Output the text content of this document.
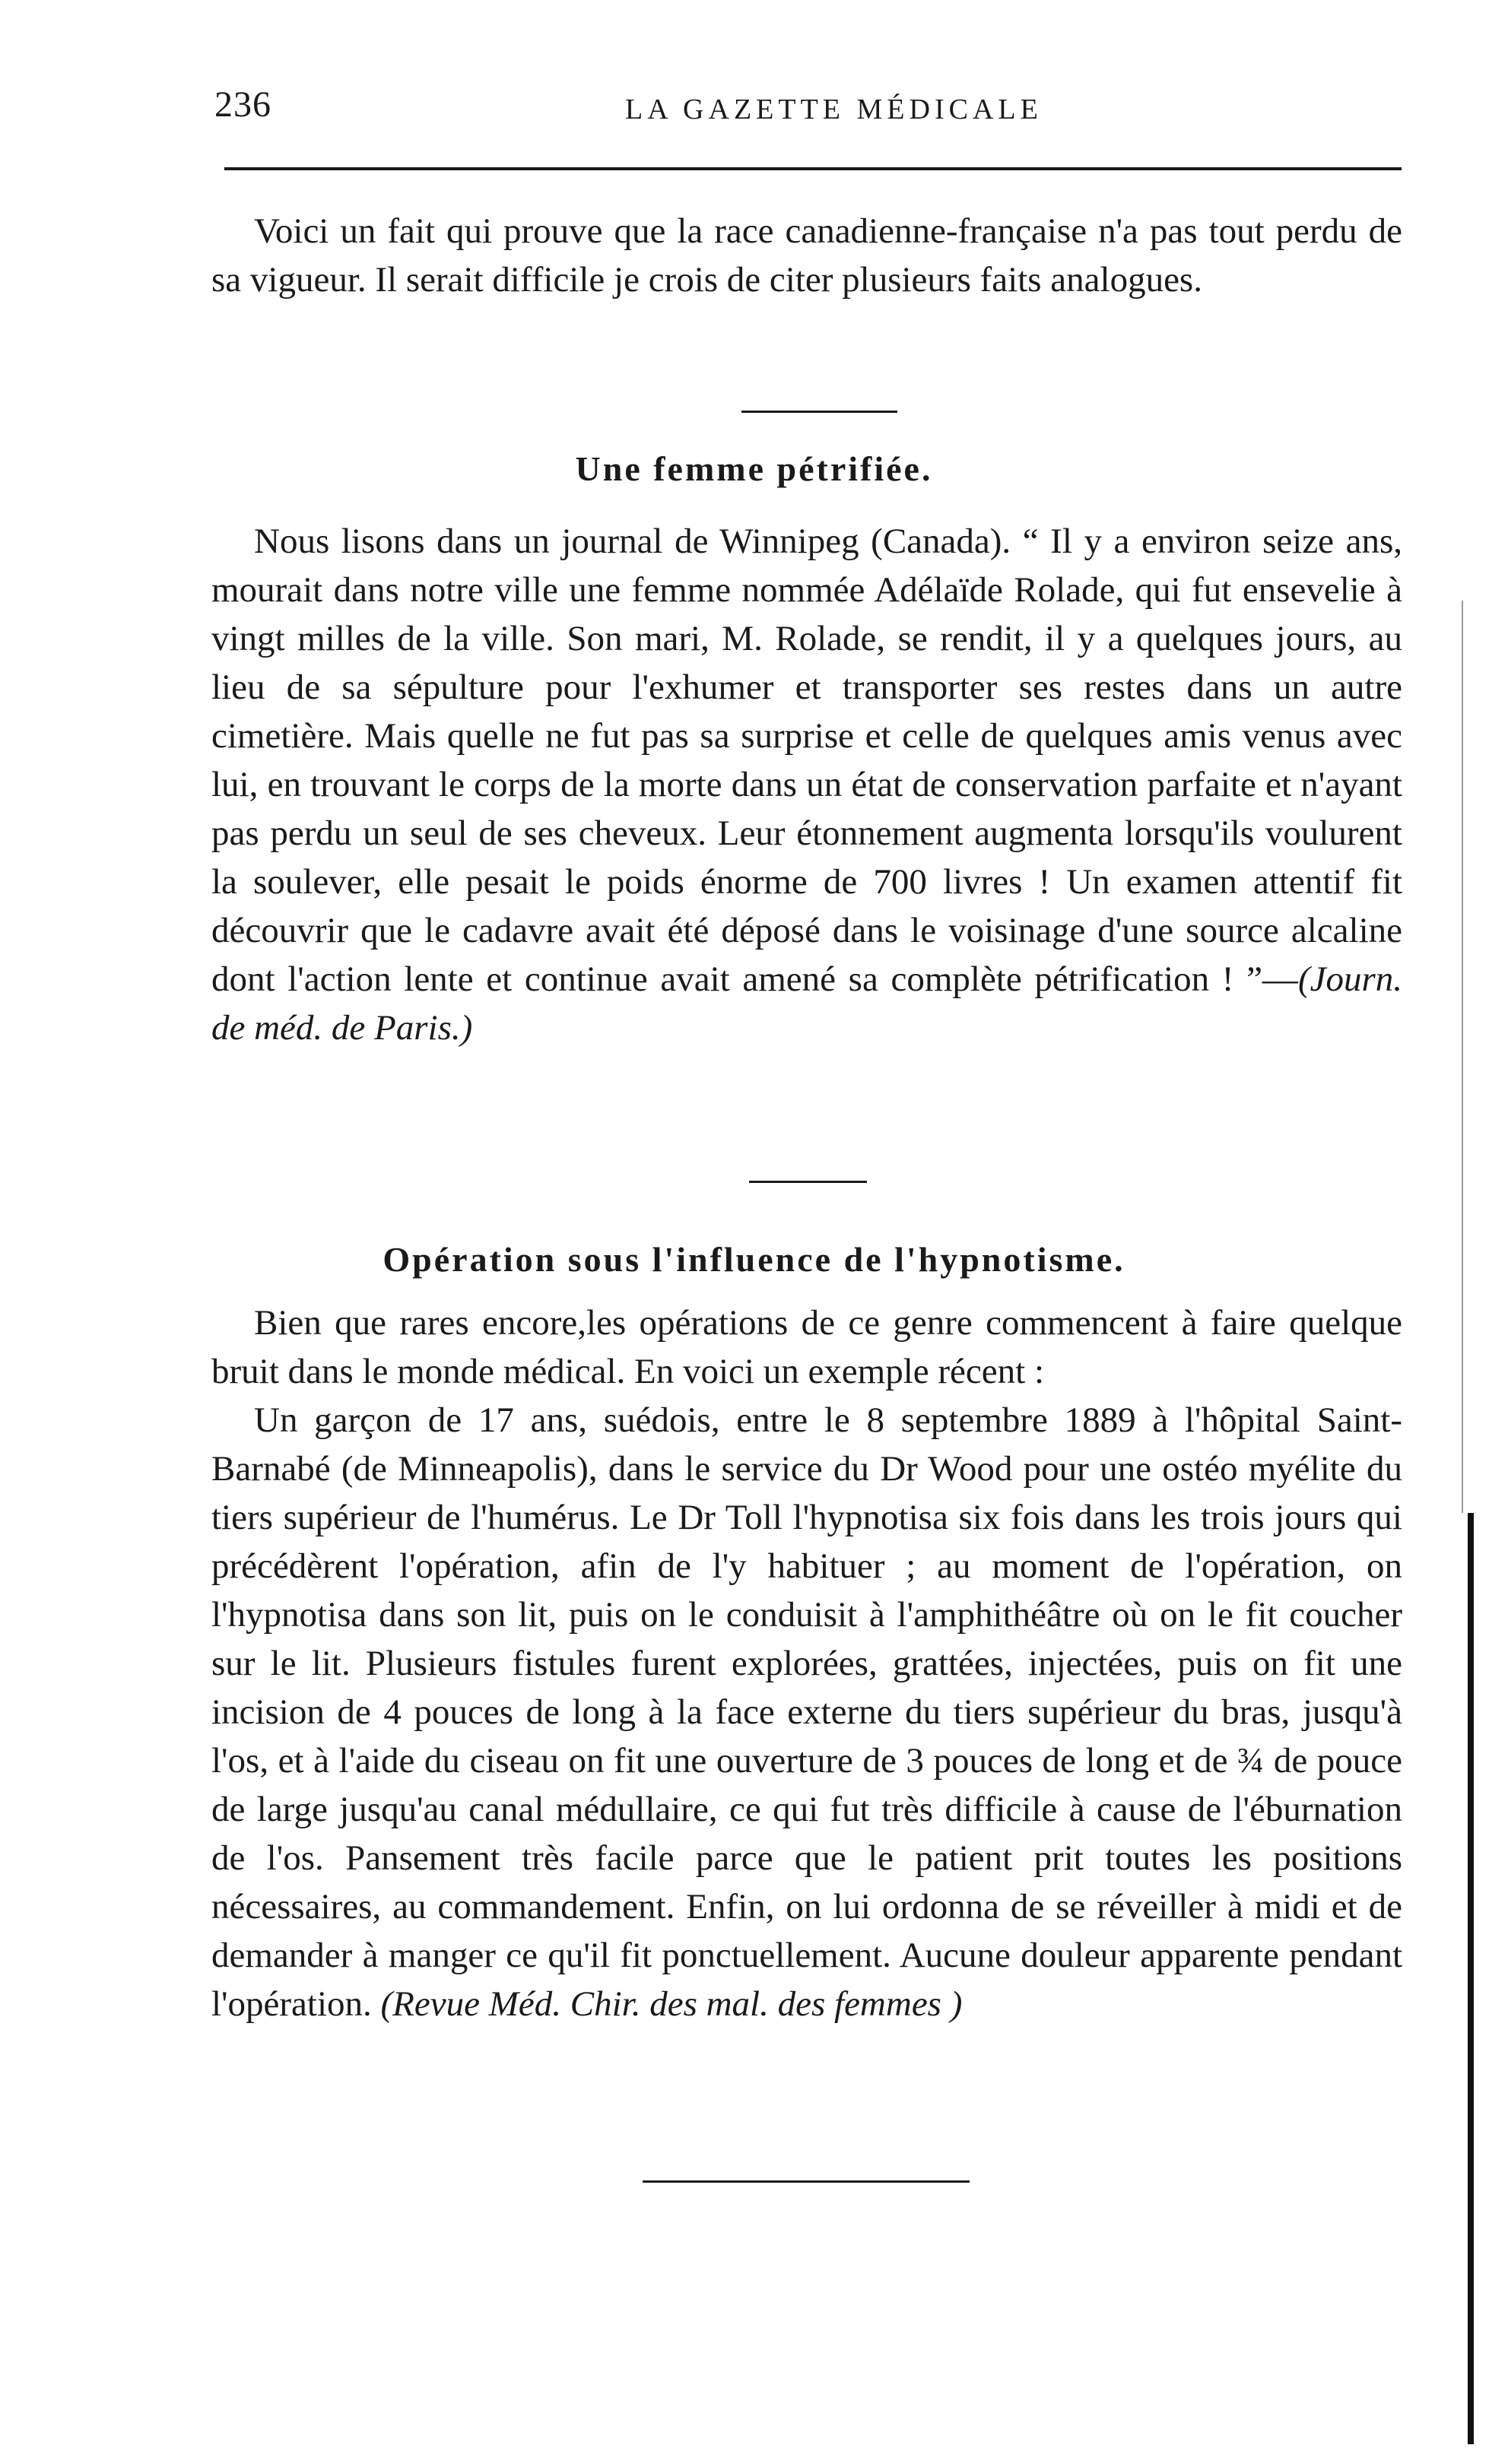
236	LA GAZETTE MÉDICALE

Voici un fait qui prouve que la race canadienne-française n'a pas tout perdu de sa vigueur. Il serait difficile je crois de citer plusieurs faits analogues.

Une femme pétrifiée.

Nous lisons dans un journal de Winnipeg (Canada). “ Il y a environ seize ans, mourait dans notre ville une femme nommée Adélaïde Rolade, qui fut ensevelie à vingt milles de la ville. Son mari, M. Rolade, se rendit, il y a quelques jours, au lieu de sa sépulture pour l'exhumer et transporter ses restes dans un autre cimetière. Mais quelle ne fut pas sa surprise et celle de quelques amis venus avec lui, en trouvant le corps de la morte dans un état de conservation parfaite et n'ayant pas perdu un seul de ses cheveux. Leur étonnement augmenta lorsqu'ils voulurent la soulever, elle pesait le poids énorme de 700 livres ! Un examen attentif fit découvrir que le cadavre avait été déposé dans le voisinage d'une source alcaline dont l'action lente et continue avait amené sa complète pétrification ! ”—(Journ. de méd. de Paris.)

Opération sous l'influence de l'hypnotisme.

Bien que rares encore,les opérations de ce genre commencent à faire quelque bruit dans le monde médical. En voici un exemple récent :

Un garçon de 17 ans, suédois, entre le 8 septembre 1889 à l'hôpital Saint-Barnabé (de Minneapolis), dans le service du Dr Wood pour une ostéo myélite du tiers supérieur de l'humérus. Le Dr Toll l'hypnotisa six fois dans les trois jours qui précédèrent l'opération, afin de l'y habituer ; au moment de l'opération, on l'hypnotisa dans son lit, puis on le conduisit à l'amphithéâtre où on le fit coucher sur le lit. Plusieurs fistules furent explorées, grattées, injectées, puis on fit une incision de 4 pouces de long à la face externe du tiers supérieur du bras, jusqu'à l'os, et à l'aide du ciseau on fit une ouverture de 3 pouces de long et de ¾ de pouce de large jusqu'au canal médullaire, ce qui fut très difficile à cause de l'éburnation de l'os. Pansement très facile parce que le patient prit toutes les positions nécessaires, au commandement. Enfin, on lui ordonna de se réveiller à midi et de demander à manger ce qu'il fit ponctuellement. Aucune douleur apparente pendant l'opération. (Revue Méd. Chir. des mal. des femmes )
